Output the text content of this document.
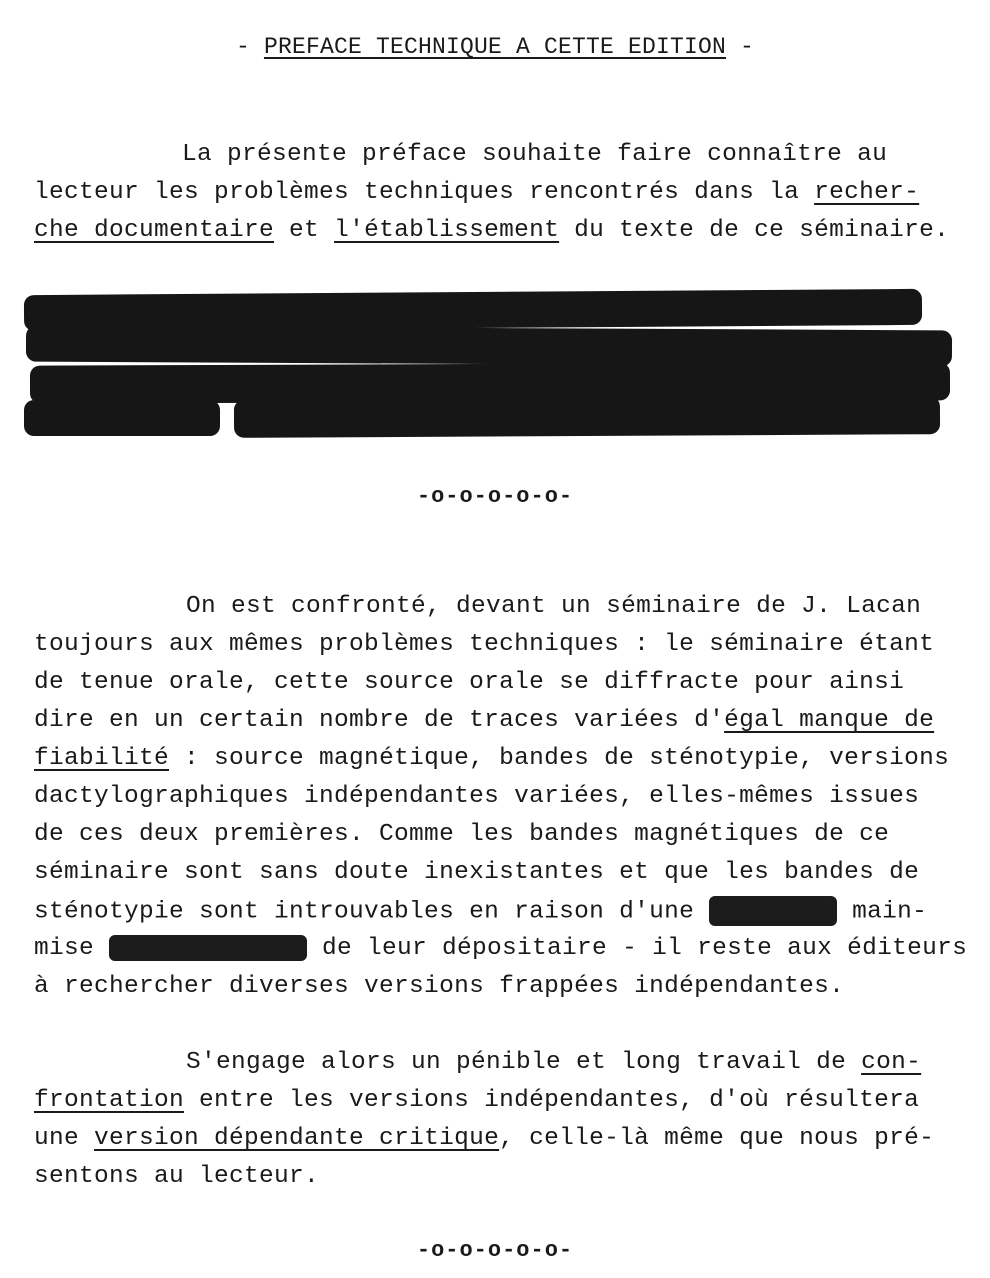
- PREFACE TECHNIQUE A CETTE EDITION -
La présente préface souhaite faire connaître au
lecteur les problèmes techniques rencontrés dans la recher-
che documentaire et l'établissement du texte de ce séminaire.
-o-o-o-o-o-
On est confronté, devant un séminaire de J. Lacan
toujours aux mêmes problèmes techniques : le séminaire étant
de tenue orale, cette source orale se diffracte pour ainsi
dire en un certain nombre de traces variées d'égal manque de
fiabilité : source magnétique, bandes de sténotypie, versions
dactylographiques indépendantes variées, elles-mêmes issues
de ces deux premières. Comme les bandes magnétiques de ce
séminaire sont sans doute inexistantes et que les bandes de
sténotypie sont introuvables en raison d'une	main-
mise	de leur dépositaire - il reste aux éditeurs
à rechercher diverses versions frappées indépendantes.
S'engage alors un pénible et long travail de con-
frontation entre les versions indépendantes, d'où résultera
une version dépendante critique, celle-là même que nous pré-
sentons au lecteur.
-o-o-o-o-o-
